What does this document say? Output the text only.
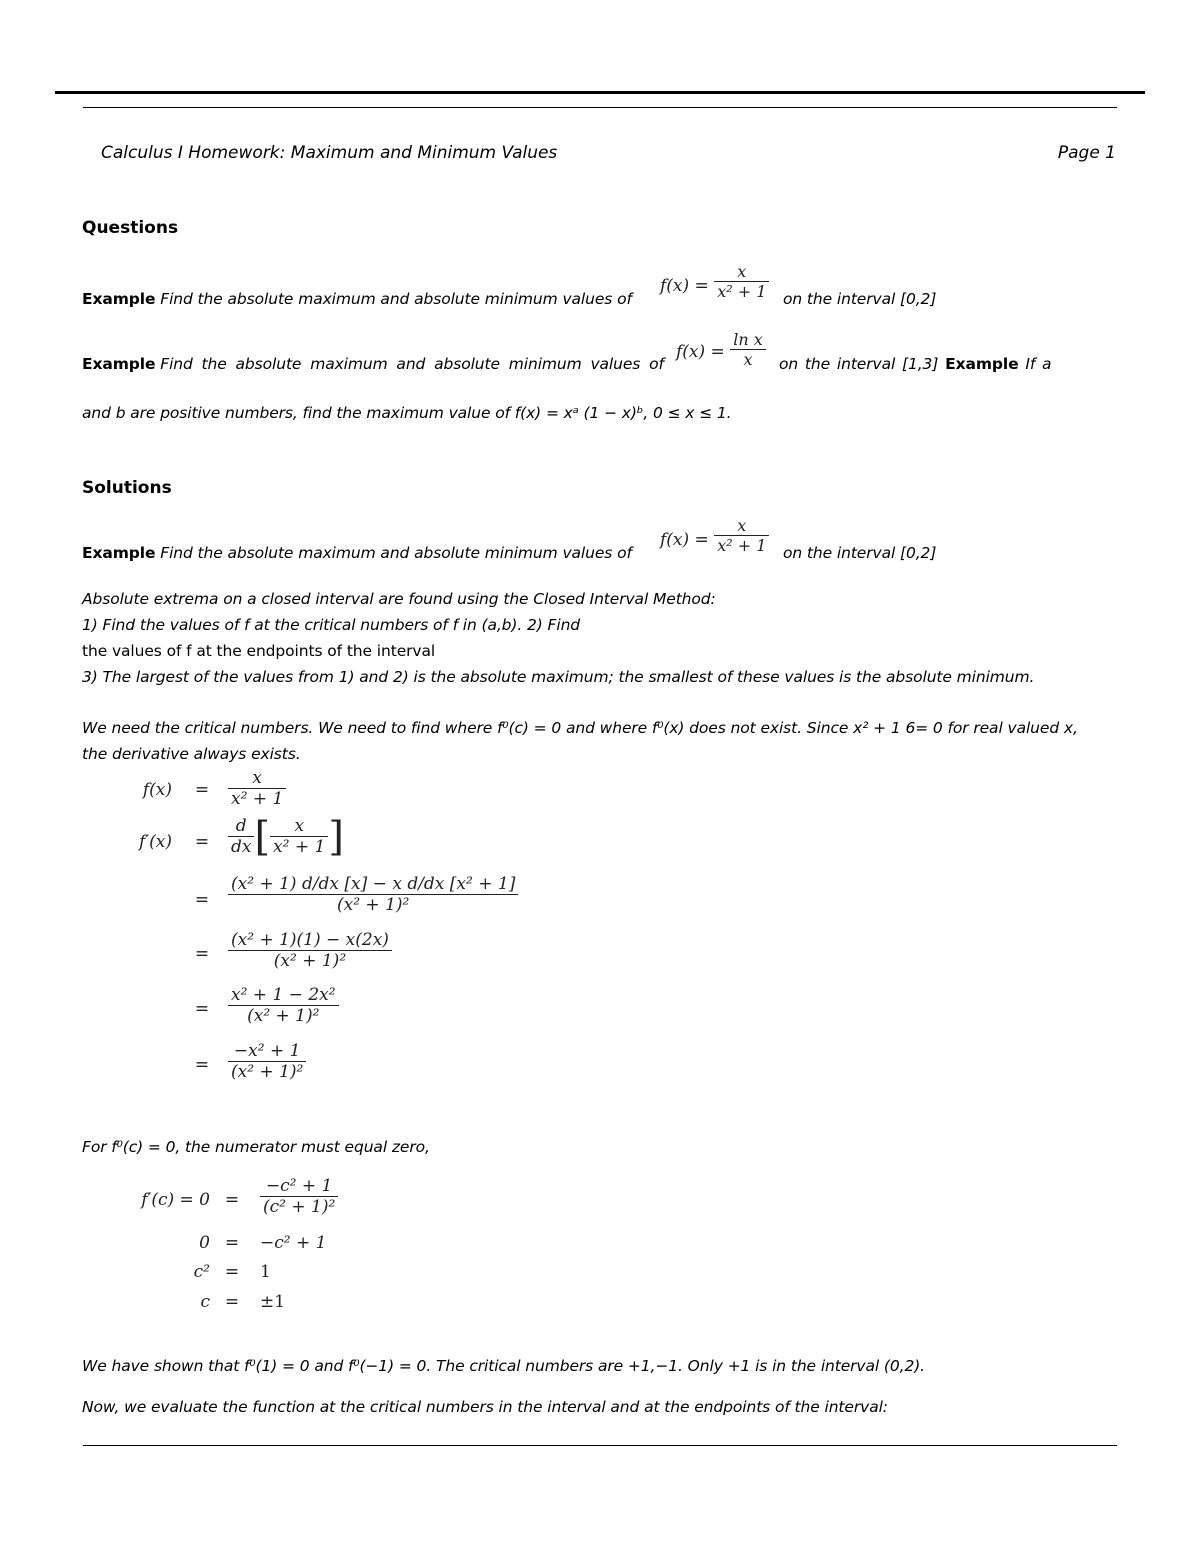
Calculus I Homework: Maximum and Minimum Values	Page 1
Questions
Example Find the absolute maximum and absolute minimum values of
$f(x) = \frac{x}{\text{x² + 1}}$ on the interval [0,2]
Example Find the absolute maximum and absolute minimum values of
$f(x) = \frac{\text{ln x}}{x}$ on the interval [1,3] Example If a
and b are positive numbers, find the maximum value of f(x) = xᵃ (1 − x)ᵇ, 0 ≤ x ≤ 1.
Solutions
Example Find the absolute maximum and absolute minimum values of
$f(x) = \frac{x}{\text{x² + 1}}$ on the interval [0,2]
Absolute extrema on a closed interval are found using the Closed Interval Method:
1) Find the values of f at the critical numbers of f in (a,b). 2) Find
the values of f at the endpoints of the interval
3) The largest of the values from 1) and 2) is the absolute maximum; the smallest of these values is the absolute minimum.
We need the critical numbers. We need to find where f⁰(c) = 0 and where f⁰(x) does not exist. Since x² + 1 6= 0 for real valued x,
the derivative always exists.
$f(x) = \frac{x}{\text{x² + 1}}$
$f'(x) = \frac{d}{dx}$ [ $\frac{x}{\text{x² + 1}}$ ]
= $\frac{\text{(x² + 1) d/dx [x] − x d/dx [x² + 1]}}{\text{(x² + 1)²}}$
= $\frac{\text{(x² + 1)(1) − x(2x)}}{\text{(x² + 1)²}}$
= $\frac{\text{x² + 1 − 2x²}}{\text{(x² + 1)²}}$
= $\frac{\text{−x² + 1}}{\text{(x² + 1)²}}$
For f⁰(c) = 0, the numerator must equal zero,
$f'(c) = 0 = \frac{\text{−c² + 1}}{\text{(c² + 1)²}}$
0 = −c² + 1
c² = 1
c = ±1
We have shown that f⁰(1) = 0 and f⁰(−1) = 0. The critical numbers are +1,−1. Only +1 is in the interval (0,2).
Now, we evaluate the function at the critical numbers in the interval and at the endpoints of the interval:
